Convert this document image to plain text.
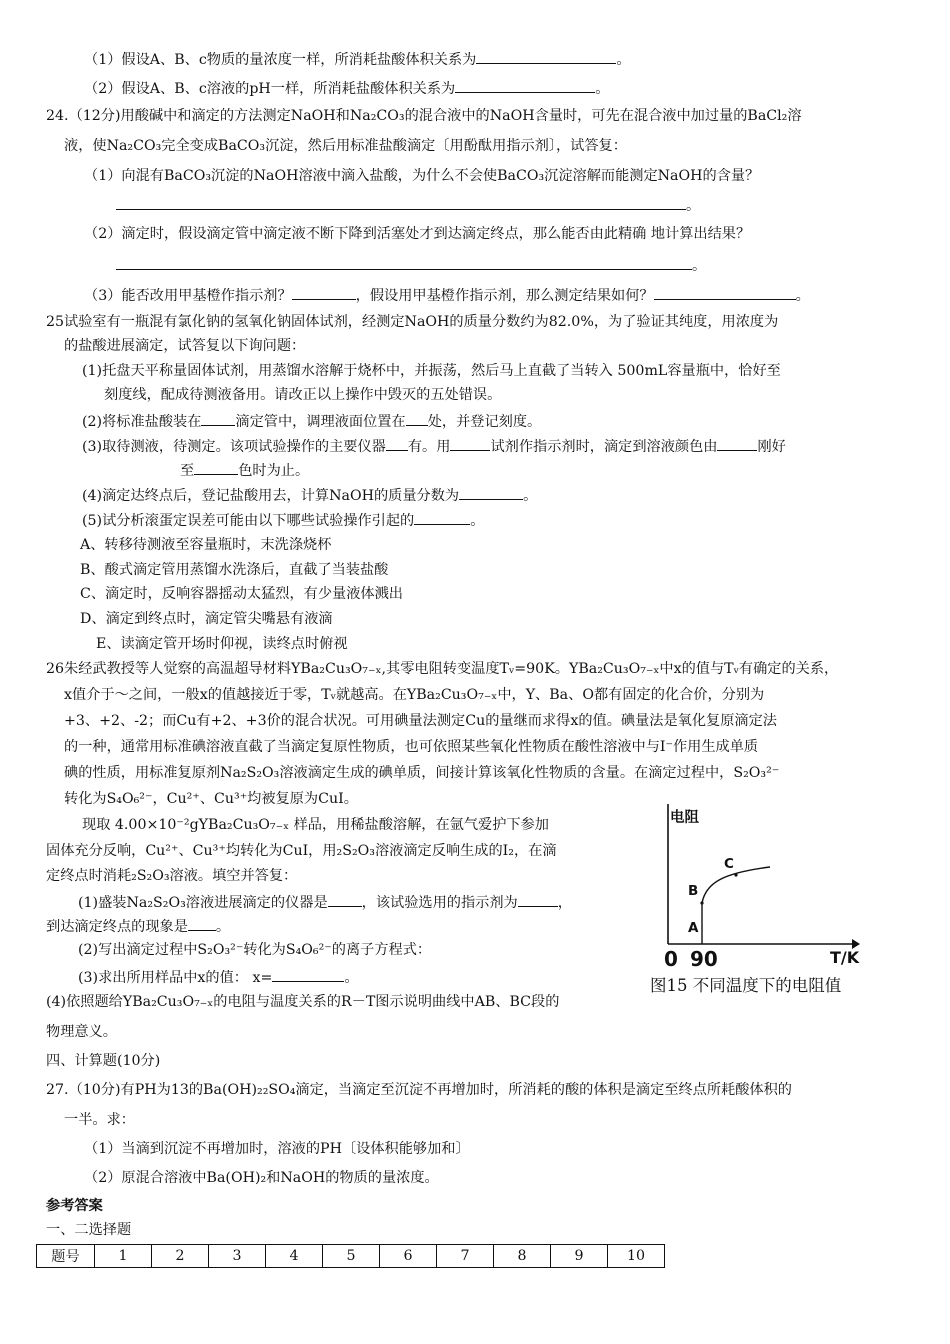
（1）假设A、B、c物质的量浓度一样，所消耗盐酸体积关系为	。
（2）假设A、B、c溶液的pH一样，所消耗盐酸体积关系为	。
24.（12分)用酸碱中和滴定的方法测定NaOH和Na₂CO₃的混合液中的NaOH含量时，可先在混合液中加过量的BaCl₂溶
液，使Na₂CO₃完全变成BaCO₃沉淀，然后用标准盐酸滴定〔用酚酞用指示剂〕，试答复：
（1）向混有BaCO₃沉淀的NaOH溶液中滴入盐酸，为什么不会使BaCO₃沉淀溶解而能测定NaOH的含量？
。
（2）滴定时，假设滴定管中滴定液不断下降到活塞处才到达滴定终点，那么能否由此精确 地计算出结果？
。
（3）能否改用甲基橙作指示剂？	，假设用甲基橙作指示剂，那么测定结果如何？	。
25试验室有一瓶混有氯化钠的氢氧化钠固体试剂，经测定NaOH的质量分数约为82.0%，为了验证其纯度，用浓度为
的盐酸进展滴定，试答复以下询问题：
(1)托盘天平称量固体试剂，用蒸馏水溶解于烧杯中，并振荡，然后马上直截了当转入 500mL容量瓶中，恰好至
刻度线，配成待测液备用。请改正以上操作中毁灭的五处错误。
(2)将标准盐酸装在 滴定管中，调理液面位置在 处，并登记刻度。
(3)取待测液，待测定。该项试验操作的主要仪器 有。用	试剂作指示剂时，滴定到溶液颜色由	刚好
至	色时为止。
(4)滴定达终点后，登记盐酸用去，计算NaOH的质量分数为	。
(5)试分析滚蛋定误差可能由以下哪些试验操作引起的	。
A、转移待测液至容量瓶时，末洗涤烧杯
B、酸式滴定管用蒸馏水洗涤后，直截了当装盐酸
C、滴定时，反响容器摇动太猛烈，有少量液体溅出
D、滴定到终点时，滴定管尖嘴悬有液滴
E、读滴定管开场时仰视，读终点时俯视
26朱经武教授等人觉察的高温超导材料YBa₂Cu₃O₇₋ₓ,其零电阻转变温度Tᵥ=90K。YBa₂Cu₃O₇₋ₓ中x的值与Tᵥ有确定的关系，
x值介于～之间，一般x的值越接近于零，Tᵥ就越高。在YBa₂Cu₃O₇₋ₓ中，Y、Ba、O都有固定的化合价，分别为
+3、+2、-2；而Cu有+2、+3价的混合状况。可用碘量法测定Cu的量继而求得x的值。碘量法是氧化复原滴定法
的一种，通常用标准碘溶液直截了当滴定复原性物质，也可依照某些氧化性物质在酸性溶液中与I⁻作用生成单质
碘的性质，用标准复原剂Na₂S₂O₃溶液滴定生成的碘单质，间接计算该氧化性物质的含量。在滴定过程中，S₂O₃²⁻
转化为S₄O₆²⁻，Cu²⁺、Cu³⁺均被复原为CuI。
现取 4.00×10⁻²gYBa₂Cu₃O₇₋ₓ 样品，用稀盐酸溶解，在氩气爱护下参加
固体充分反响，Cu²⁺、Cu³⁺均转化为CuI，用₂S₂O₃溶液滴定反响生成的I₂，在滴
定终点时消耗₂S₂O₃溶液。填空并答复：
(1)盛装Na₂S₂O₃溶液进展滴定的仪器是 ，该试验选用的指示剂为	，
到达滴定终点的现象是 。
(2)写出滴定过程中S₂O₃²⁻转化为S₄O₆²⁻的离子方程式：
(3)求出所用样品中x的值： x=	。
(4)依照题给YBa₂Cu₃O₇₋ₓ的电阻与温度关系的R－T图示说明曲线中AB、BC段的
物理意义。
电阻
T/K
0 90
A
B
C
图15 不同温度下的电阻值
四、计算题(10分)
27.（10分)有PH为13的Ba(OH)₂₂SO₄滴定，当滴定至沉淀不再增加时，所消耗的酸的体积是滴定至终点所耗酸体积的
一半。求：
（1）当滴到沉淀不再增加时，溶液的PH〔设体积能够加和〕
（2）原混合溶液中Ba(OH)₂和NaOH的物质的量浓度。
参考答案
一、二选择题
题号	1	2	3	4	5	6	7	8	9	10
